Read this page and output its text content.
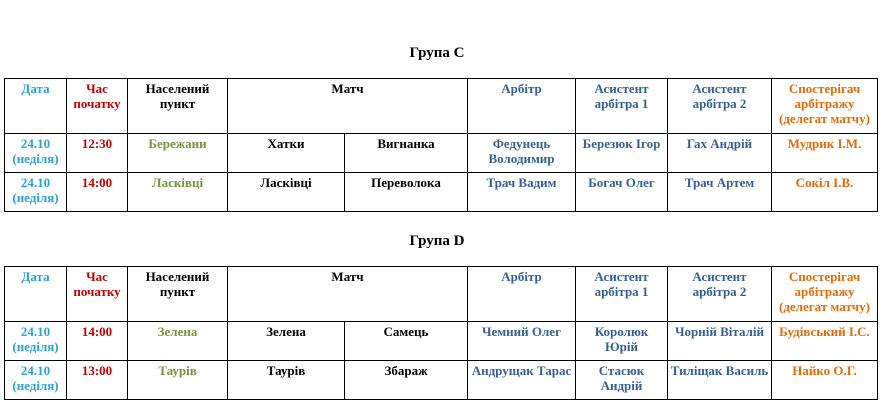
Група С
Дата	Час початку	Населений пункт	Матч		Арбітр	Асистент арбітра 1	Асистент арбітра 2	Спостерігач арбітражу (делегат матчу)
24.10 (неділя)	12:30	Бережани	Хатки	Вигнанка	Федунець Володимир	Березюк Ігор	Гах Андрій	Мудрик І.М.
24.10 (неділя)	14:00	Ласківці	Ласківці	Переволока	Трач Вадим	Богач Олег	Трач Артем	Сокіл І.В.
Група D
Дата	Час початку	Населений пункт	Матч		Арбітр	Асистент арбітра 1	Асистент арбітра 2	Спостерігач арбітражу (делегат матчу)
24.10 (неділя)	14:00	Зелена	Зелена	Самець	Чемний Олег	Королюк Юрій	Чорній Віталій	Будівський І.С.
24.10 (неділя)	13:00	Таурів	Таурів	Збараж	Андрущак Тарас	Стасюк Андрій	Тиліщак Василь	Найко О.Г.
